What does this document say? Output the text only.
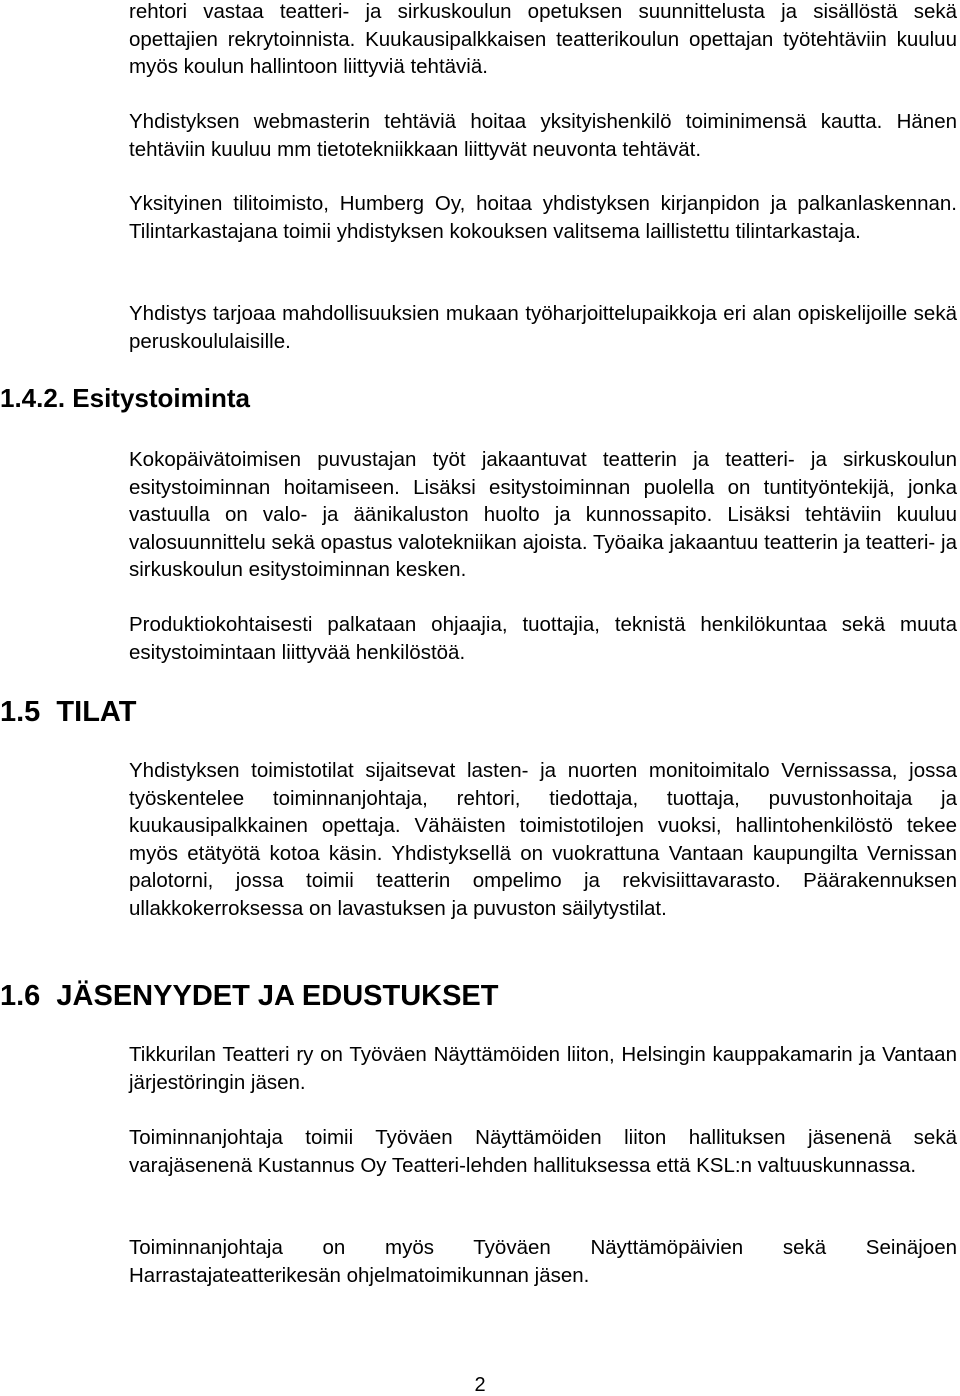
rehtori vastaa teatteri- ja sirkuskoulun opetuksen suunnittelusta ja sisällöstä sekä opettajien rekrytoinnista. Kuukausipalkkaisen teatterikoulun opettajan työtehtäviin kuuluu myös koulun hallintoon liittyviä tehtäviä.

Yhdistyksen webmasterin tehtäviä hoitaa yksityishenkilö toiminimensä kautta. Hänen tehtäviin kuuluu mm tietotekniikkaan liittyvät neuvonta tehtävät.

Yksityinen tilitoimisto, Humberg Oy, hoitaa yhdistyksen kirjanpidon ja palkanlaskennan. Tilintarkastajana toimii yhdistyksen kokouksen valitsema laillistettu tilintarkastaja.

Yhdistys tarjoaa mahdollisuuksien mukaan työharjoittelupaikkoja eri alan opiskelijoille sekä peruskoululaisille.

1.4.2. Esitystoiminta

Kokopäivätoimisen puvustajan työt jakaantuvat teatterin ja teatteri- ja sirkuskoulun esitystoiminnan hoitamiseen. Lisäksi esitystoiminnan puolella on tuntityöntekijä, jonka vastuulla on valo- ja äänikaluston huolto ja kunnossapito. Lisäksi tehtäviin kuuluu valosuunnittelu sekä opastus valotekniikan ajoista. Työaika jakaantuu teatterin ja teatteri- ja sirkuskoulun esitystoiminnan kesken.

Produktiokohtaisesti palkataan ohjaajia, tuottajia, teknistä henkilökuntaa sekä muuta esitystoimintaan liittyvää henkilöstöä.

1.5  TILAT

Yhdistyksen toimistotilat sijaitsevat lasten- ja nuorten monitoimitalo Vernissassa, jossa työskentelee toiminnanjohtaja, rehtori, tiedottaja, tuottaja, puvustonhoitaja ja kuukausipalkkainen opettaja. Vähäisten toimistotilojen vuoksi, hallintohenkilöstö tekee myös etätyötä kotoa käsin. Yhdistyksellä on vuokrattuna Vantaan kaupungilta Vernissan palotorni, jossa toimii teatterin ompelimo ja rekvisiittavarasto. Päärakennuksen ullakkokerroksessa on lavastuksen ja puvuston säilytystilat.

1.6  JÄSENYYDET JA EDUSTUKSET

Tikkurilan Teatteri ry on Työväen Näyttämöiden liiton, Helsingin kauppakamarin ja Vantaan järjestöringin jäsen.

Toiminnanjohtaja toimii Työväen Näyttämöiden liiton hallituksen jäsenenä sekä varajäsenenä Kustannus Oy Teatteri-lehden hallituksessa että KSL:n valtuuskunnassa.

Toiminnanjohtaja on myös Työväen Näyttämöpäivien sekä Seinäjoen Harrastajateatterikesän ohjelmatoimikunnan jäsen.

2
